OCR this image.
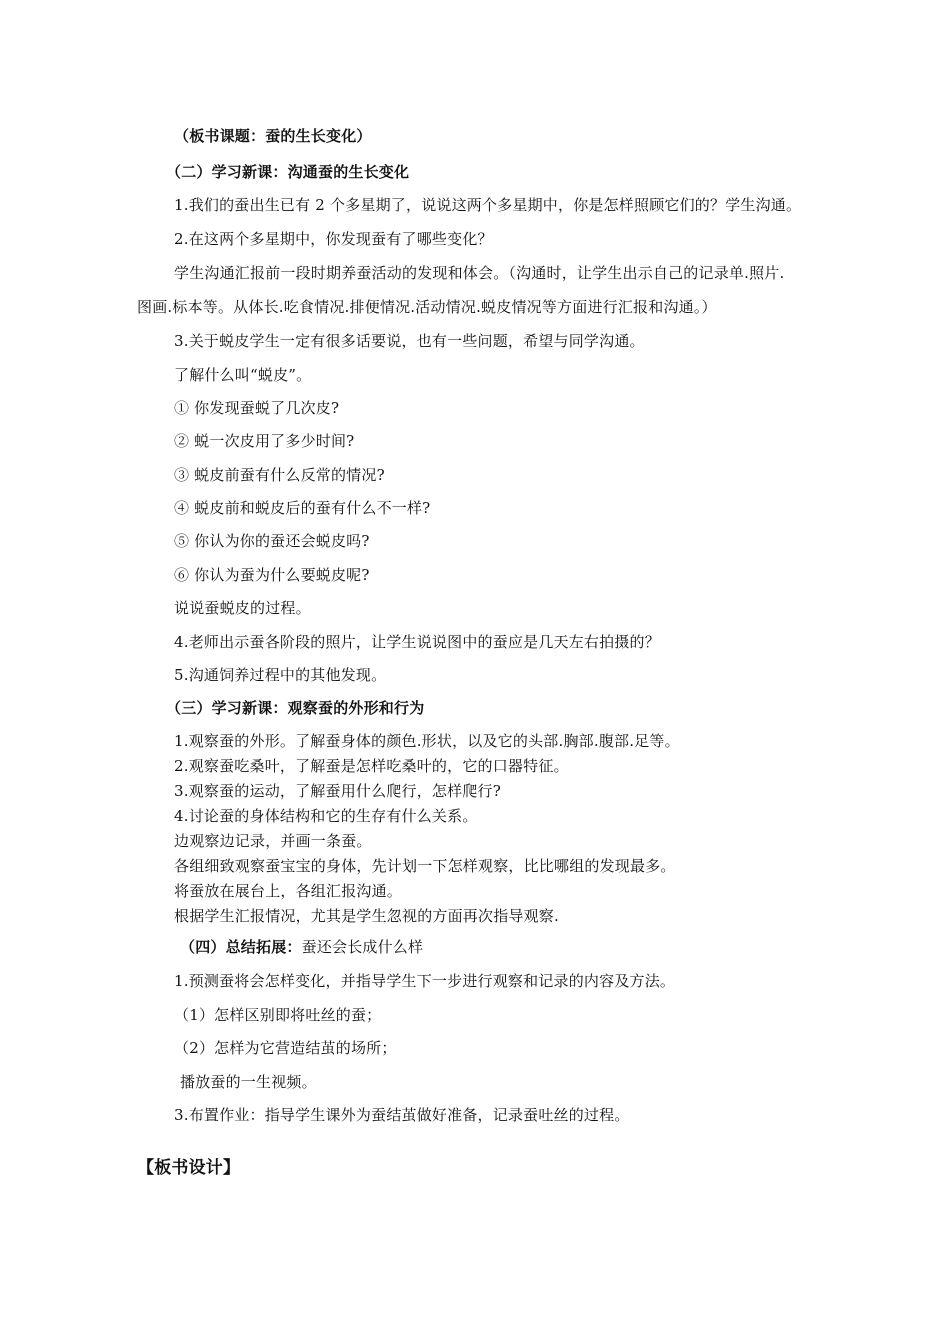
（板书课题：蚕的生长变化）
（二）学习新课：沟通蚕的生长变化
1.我们的蚕出生已有 2 个多星期了，说说这两个多星期中，你是怎样照顾它们的？学生沟通。
2.在这两个多星期中，你发现蚕有了哪些变化？
学生沟通汇报前一段时期养蚕活动的发现和体会。（沟通时，让学生出示自己的记录单.照片.
图画.标本等。从体长.吃食情况.排便情况.活动情况.蜕皮情况等方面进行汇报和沟通。）
3.关于蜕皮学生一定有很多话要说，也有一些问题，希望与同学沟通。
了解什么叫“蜕皮”。
① 你发现蚕蜕了几次皮?
② 蜕一次皮用了多少时间?
③ 蜕皮前蚕有什么反常的情况?
④ 蜕皮前和蜕皮后的蚕有什么不一样?
⑤ 你认为你的蚕还会蜕皮吗?
⑥ 你认为蚕为什么要蜕皮呢?
说说蚕蜕皮的过程。
4.老师出示蚕各阶段的照片，让学生说说图中的蚕应是几天左右拍摄的？
5.沟通饲养过程中的其他发现。
（三）学习新课：观察蚕的外形和行为
1.观察蚕的外形。了解蚕身体的颜色.形状，以及它的头部.胸部.腹部.足等。
2.观察蚕吃桑叶，了解蚕是怎样吃桑叶的，它的口器特征。
3.观察蚕的运动，了解蚕用什么爬行，怎样爬行?
4.讨论蚕的身体结构和它的生存有什么关系。
边观察边记录，并画一条蚕。
各组细致观察蚕宝宝的身体，先计划一下怎样观察，比比哪组的发现最多。
将蚕放在展台上，各组汇报沟通。
根据学生汇报情况，尤其是学生忽视的方面再次指导观察.
（四）总结拓展：蚕还会长成什么样
1.预测蚕将会怎样变化，并指导学生下一步进行观察和记录的内容及方法。
（1）怎样区别即将吐丝的蚕；
（2）怎样为它营造结茧的场所；
播放蚕的一生视频。
3.布置作业：指导学生课外为蚕结茧做好准备，记录蚕吐丝的过程。
【板书设计】
